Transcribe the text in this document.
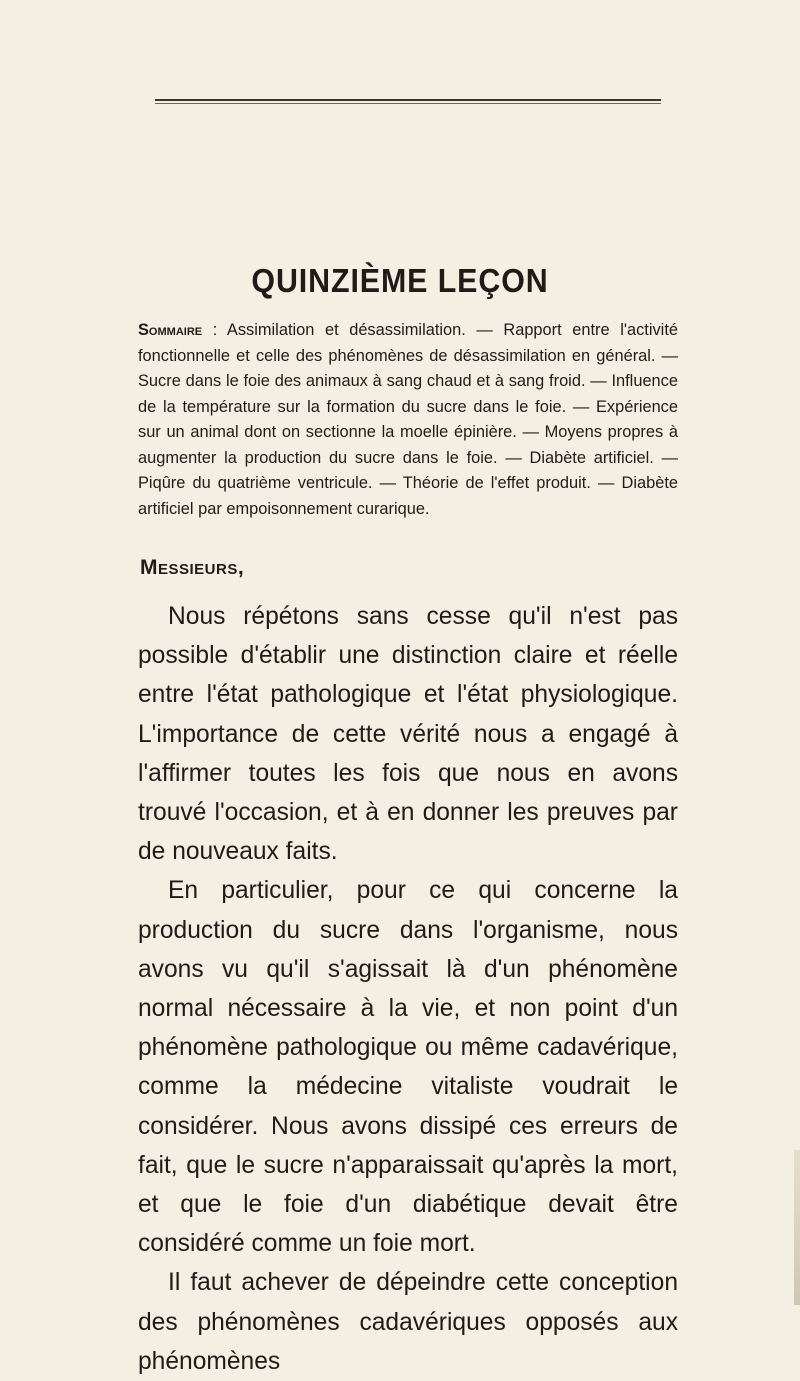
QUINZIÈME LEÇON
Sommaire : Assimilation et désassimilation. — Rapport entre l'activité fonctionnelle et celle des phénomènes de désassimilation en général. — Sucre dans le foie des animaux à sang chaud et à sang froid. — Influence de la température sur la formation du sucre dans le foie. — Expérience sur un animal dont on sectionne la moelle épinière. — Moyens propres à augmenter la production du sucre dans le foie. — Diabète artificiel. — Piqûre du quatrième ventricule. — Théorie de l'effet produit. — Diabète artificiel par empoisonnement curarique.
Messieurs,

Nous répétons sans cesse qu'il n'est pas possible d'établir une distinction claire et réelle entre l'état pathologique et l'état physiologique. L'importance de cette vérité nous a engagé à l'affirmer toutes les fois que nous en avons trouvé l'occasion, et à en donner les preuves par de nouveaux faits.

En particulier, pour ce qui concerne la production du sucre dans l'organisme, nous avons vu qu'il s'agissait là d'un phénomène normal nécessaire à la vie, et non point d'un phénomène pathologique ou même cadavérique, comme la médecine vitaliste voudrait le considérer. Nous avons dissipé ces erreurs de fait, que le sucre n'apparaissait qu'après la mort, et que le foie d'un diabétique devait être considéré comme un foie mort.

Il faut achever de dépeindre cette conception des phénomènes cadavériques opposés aux phénomènes
